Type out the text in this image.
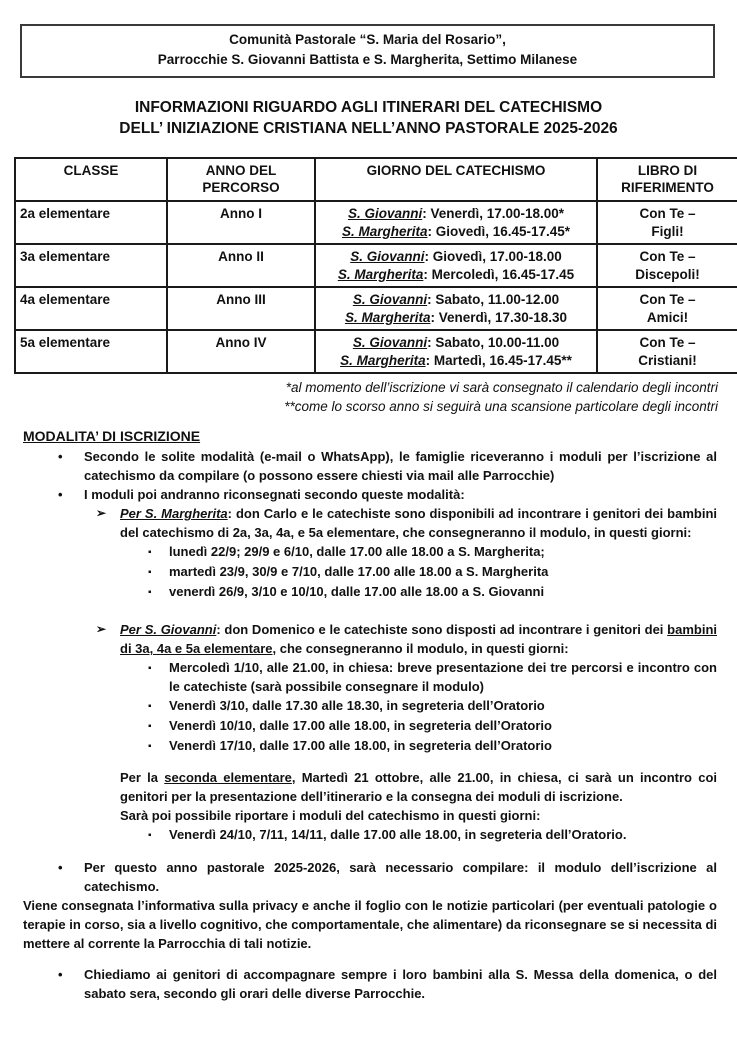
Comunità Pastorale “S. Maria del Rosario”,
Parrocchie S. Giovanni Battista e S. Margherita, Settimo Milanese
INFORMAZIONI RIGUARDO AGLI ITINERARI DEL CATECHISMO
DELL’ INIZIAZIONE CRISTIANA NELL’ANNO PASTORALE 2025-2026
CLASSE	ANNO DEL PERCORSO	GIORNO DEL CATECHISMO	LIBRO DI RIFERIMENTO
2a elementare	Anno I	S. Giovanni: Venerdì, 17.00-18.00*
S. Margherita: Giovedì, 16.45-17.45*	Con Te – Figli!

3a elementare	Anno II	S. Giovanni: Giovedì, 17.00-18.00
S. Margherita: Mercoledì, 16.45-17.45	Con Te – Discepoli!

4a elementare	Anno III	S. Giovanni: Sabato, 11.00-12.00
S. Margherita: Venerdì, 17.30-18.30	Con Te – Amici!

5a elementare	Anno IV	S. Giovanni: Sabato, 10.00-11.00
S. Margherita: Martedì, 16.45-17.45**	Con Te – Cristiani!
*al momento dell’iscrizione vi sarà consegnato il calendario degli incontri
**come lo scorso anno si seguirà una scansione particolare degli incontri
MODALITA’ DI ISCRIZIONE
•	Secondo le solite modalità (e-mail o WhatsApp), le famiglie riceveranno i moduli per l’iscrizione al catechismo da compilare (o possono essere chiesti via mail alle Parrocchie)
•	I moduli poi andranno riconsegnati secondo queste modalità:
➢	Per S. Margherita: don Carlo e le catechiste sono disponibili ad incontrare i genitori dei bambini del catechismo di 2a, 3a, 4a, e 5a elementare, che consegneranno il modulo, in questi giorni:
▪	lunedì 22/9; 29/9 e 6/10, dalle 17.00 alle 18.00 a S. Margherita;
▪	martedì 23/9, 30/9 e 7/10, dalle 17.00 alle 18.00 a S. Margherita
▪	venerdì 26/9, 3/10 e 10/10, dalle 17.00 alle 18.00 a S. Giovanni
➢	Per S. Giovanni: don Domenico e le catechiste sono disposti ad incontrare i genitori dei bambini di 3a, 4a e 5a elementare, che consegneranno il modulo, in questi giorni:
▪	Mercoledì 1/10, alle 21.00, in chiesa: breve presentazione dei tre percorsi e incontro con le catechiste (sarà possibile consegnare il modulo)
▪	Venerdì 3/10, dalle 17.30 alle 18.30, in segreteria dell’Oratorio
▪	Venerdì 10/10, dalle 17.00 alle 18.00, in segreteria dell’Oratorio
▪	Venerdì 17/10, dalle 17.00 alle 18.00, in segreteria dell’Oratorio
Per la seconda elementare, Martedì 21 ottobre, alle 21.00, in chiesa, ci sarà un incontro coi genitori per la presentazione dell’itinerario e la consegna dei moduli di iscrizione.
Sarà poi possibile riportare i moduli del catechismo in questi giorni:
▪	Venerdì 24/10, 7/11, 14/11, dalle 17.00 alle 18.00, in segreteria dell’Oratorio.
•	Per questo anno pastorale 2025-2026, sarà necessario compilare: il modulo dell’iscrizione al catechismo.
Viene consegnata l’informativa sulla privacy e anche il foglio con le notizie particolari (per eventuali patologie o terapie in corso, sia a livello cognitivo, che comportamentale, che alimentare) da riconsegnare se si necessita di mettere al corrente la Parrocchia di tali notizie.
•	Chiediamo ai genitori di accompagnare sempre i loro bambini alla S. Messa della domenica, o del sabato sera, secondo gli orari delle diverse Parrocchie.
